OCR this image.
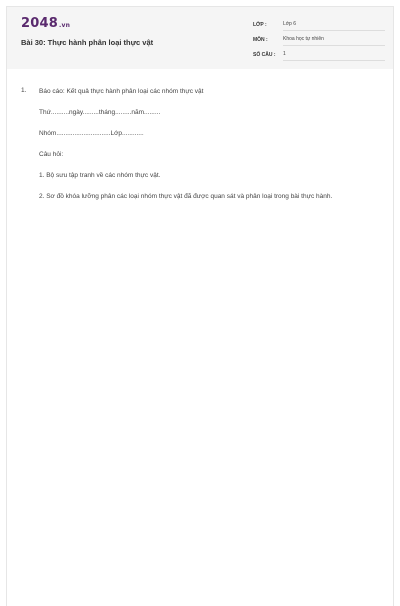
2048.vn
Bài 30: Thực hành phân loại thực vật
LỚP :	Lớp 6
MÔN :	Khoa học tự nhiên
SỐ CÂU :	1
1. Báo cáo: Kết quả thực hành phân loại các nhóm thực vật

Thứ..........ngày.........tháng.........năm.........

Nhóm..............................Lớp............

Câu hỏi:

1. Bộ sưu tập tranh về các nhóm thực vật.

2. Sơ đồ khóa lưỡng phân các loại nhóm thực vật đã được quan sát và phân loại trong bài thực hành.
